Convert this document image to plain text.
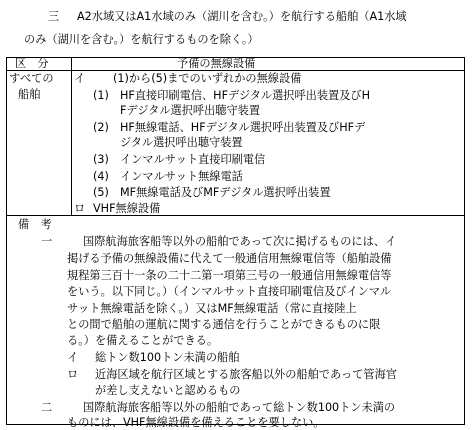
三 A2水域又はA1水域のみ（湖川を含む。）を航行する船舶（A1水域
のみ（湖川を含む。）を航行するものを除く。）
区　分	予備の無線設備
すべての
船舶
イ (1)から(5)までのいずれかの無線設備
(1) HF直接印刷電信、HFデジタル選択呼出装置及びH
Fデジタル選択呼出聴守装置
(2) HF無線電話、HFデジタル選択呼出装置及びHFデ
ジタル選択呼出聴守装置
(3) インマルサット直接印刷電信
(4) インマルサット無線電話
(5) MF無線電話及びMFデジタル選択呼出装置
ロ VHF無線設備
備　考
一	国際航海旅客船等以外の船舶であって次に掲げるものには、イ
掲げる予備の無線設備に代えて一般通信用無線電信等（船舶設備
規程第三百十一条の二十二第一項第三号の一般通信用無線電信等
をいう。以下同じ。）（インマルサット直接印刷電信及びインマル
サット無線電話を除く。）又はMF無線電話（常に直接陸上
との間で船舶の運航に関する通信を行うことができるものに限
る。）を備えることができる。
イ 総トン数100トン未満の船舶
ロ 近海区域を航行区域とする旅客船以外の船舶であって管海官
が差し支えないと認めるもの
二	国際航海旅客船等以外の船舶であって総トン数100トン未満の
ものには、VHF無線設備を備えることを要しない。
